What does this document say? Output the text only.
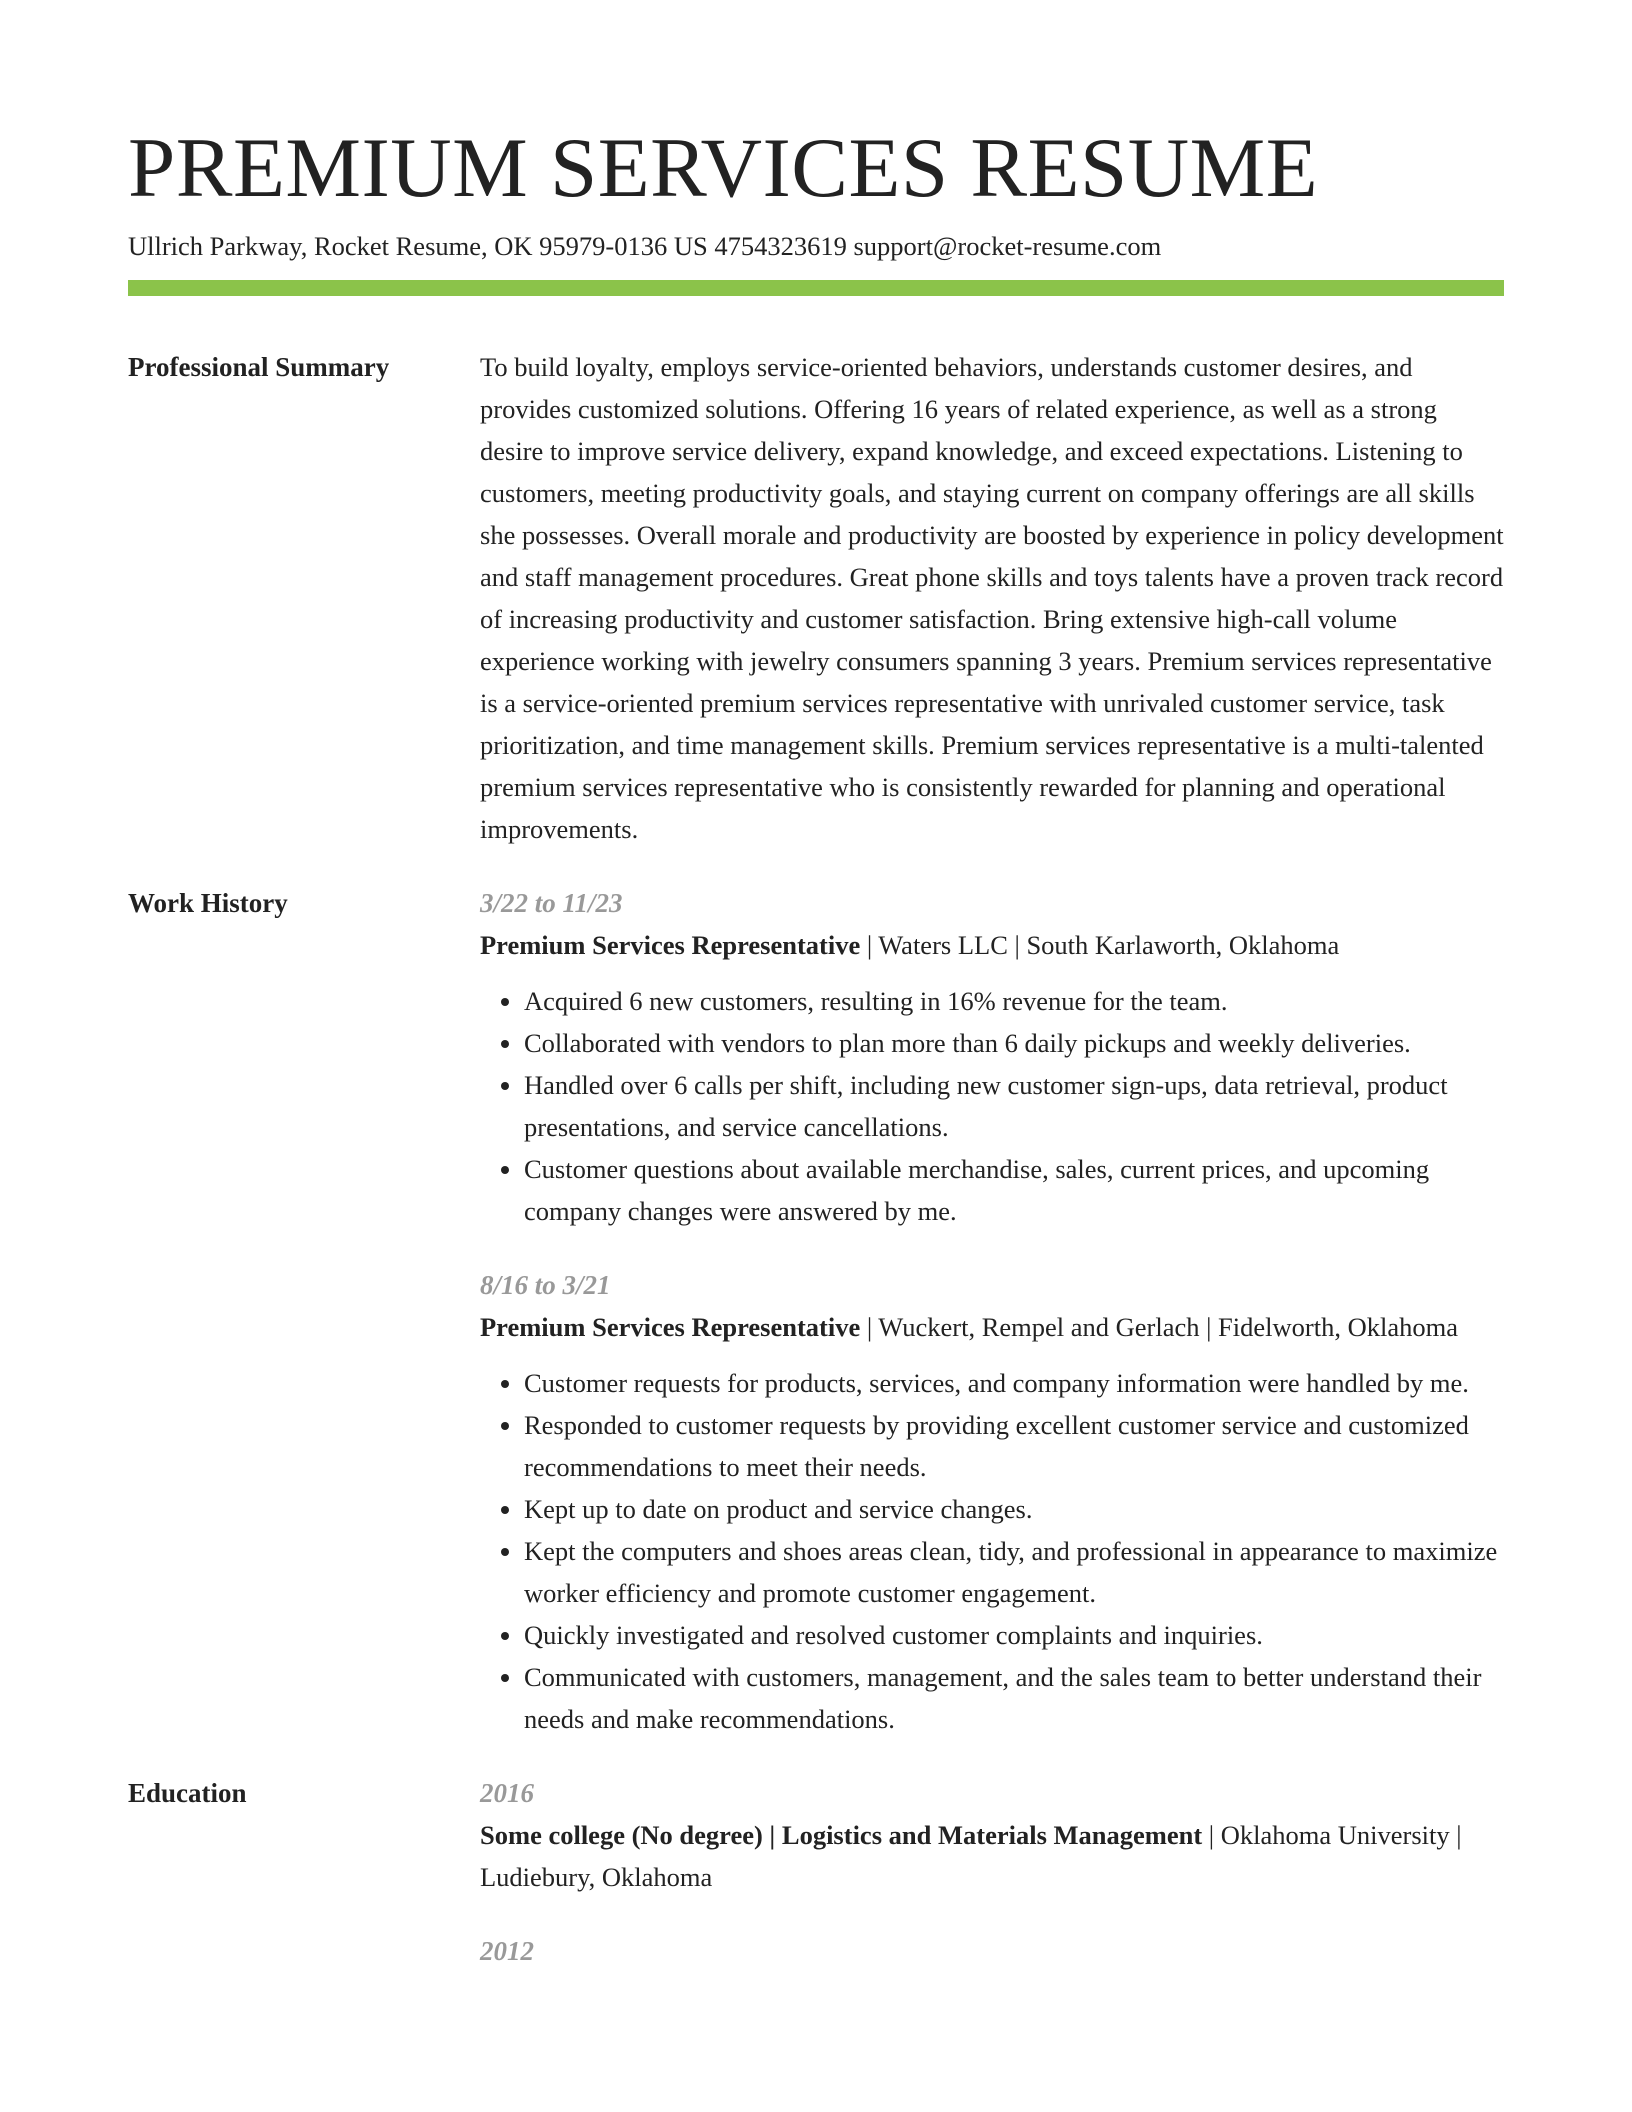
PREMIUM SERVICES RESUME
Ullrich Parkway, Rocket Resume, OK 95979-0136 US 4754323619 support@rocket-resume.com
Professional Summary	To build loyalty, employs service-oriented behaviors, understands customer desires, and provides customized solutions. Offering 16 years of related experience, as well as a strong desire to improve service delivery, expand knowledge, and exceed expectations. Listening to customers, meeting productivity goals, and staying current on company offerings are all skills she possesses. Overall morale and productivity are boosted by experience in policy development and staff management procedures. Great phone skills and toys talents have a proven track record of increasing productivity and customer satisfaction. Bring extensive high-call volume experience working with jewelry consumers spanning 3 years. Premium services representative is a service-oriented premium services representative with unrivaled customer service, task prioritization, and time management skills. Premium services representative is a multi-talented premium services representative who is consistently rewarded for planning and operational improvements.
Work History	3/22 to 11/23
Premium Services Representative | Waters LLC | South Karlaworth, Oklahoma
• Acquired 6 new customers, resulting in 16% revenue for the team.
• Collaborated with vendors to plan more than 6 daily pickups and weekly deliveries.
• Handled over 6 calls per shift, including new customer sign-ups, data retrieval, product presentations, and service cancellations.
• Customer questions about available merchandise, sales, current prices, and upcoming company changes were answered by me.
8/16 to 3/21
Premium Services Representative | Wuckert, Rempel and Gerlach | Fidelworth, Oklahoma
• Customer requests for products, services, and company information were handled by me.
• Responded to customer requests by providing excellent customer service and customized recommendations to meet their needs.
• Kept up to date on product and service changes.
• Kept the computers and shoes areas clean, tidy, and professional in appearance to maximize worker efficiency and promote customer engagement.
• Quickly investigated and resolved customer complaints and inquiries.
• Communicated with customers, management, and the sales team to better understand their needs and make recommendations.
Education	2016
Some college (No degree) | Logistics and Materials Management | Oklahoma University | Ludiebury, Oklahoma
2012
